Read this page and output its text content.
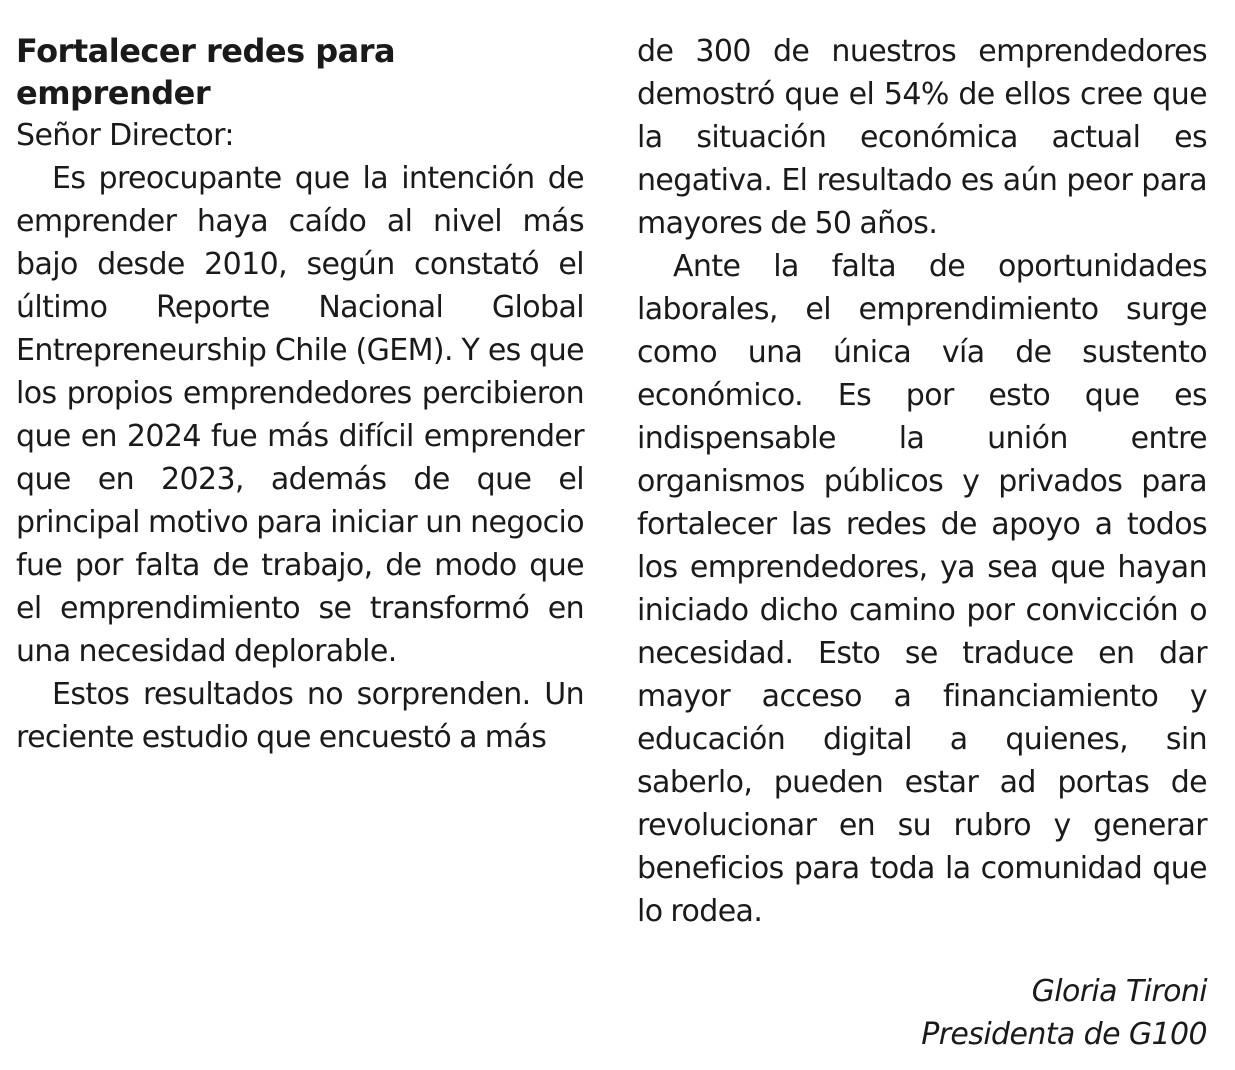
Fortalecer redes para emprender

Señor Director:

Es preocupante que la intención de emprender haya caído al nivel más bajo desde 2010, según constató el último Reporte Nacional Global Entrepreneurship Chile (GEM). Y es que los propios emprendedores percibieron que en 2024 fue más difícil emprender que en 2023, además de que el principal motivo para iniciar un negocio fue por falta de trabajo, de modo que el emprendimiento se transformó en una necesidad deplorable.

Estos resultados no sorprenden. Un reciente estudio que encuestó a más

de 300 de nuestros emprendedores demostró que el 54% de ellos cree que la situación económica actual es negativa. El resultado es aún peor para mayores de 50 años.

Ante la falta de oportunidades laborales, el emprendimiento surge como una única vía de sustento económico. Es por esto que es indispensable la unión entre organismos públicos y privados para fortalecer las redes de apoyo a todos los emprendedores, ya sea que hayan iniciado dicho camino por convicción o necesidad. Esto se traduce en dar mayor acceso a financiamiento y educación digital a quienes, sin saberlo, pueden estar ad portas de revolucionar en su rubro y generar beneficios para toda la comunidad que lo rodea.

Gloria Tironi
Presidenta de G100
